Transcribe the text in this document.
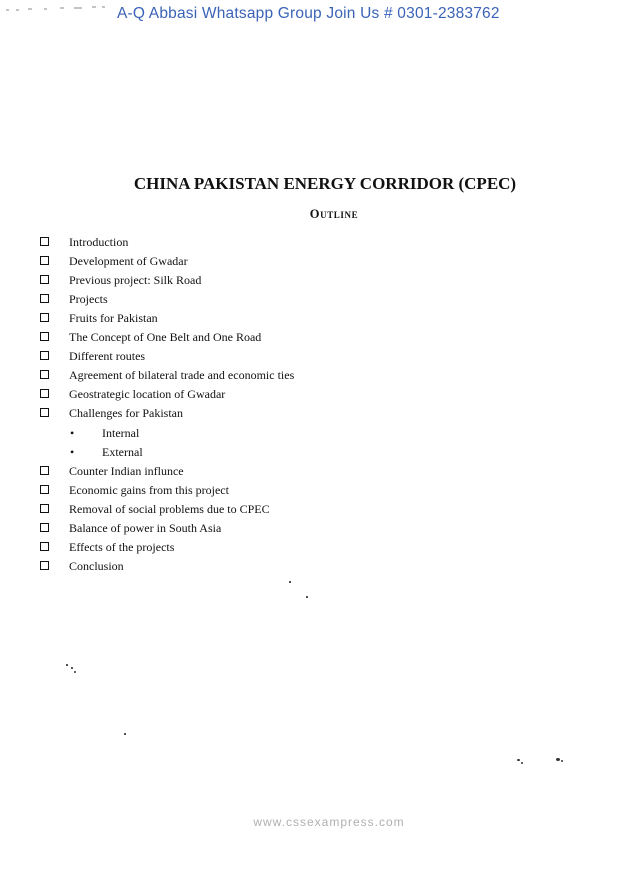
A-Q Abbasi Whatsapp Group Join Us # 0301-2383762
CHINA PAKISTAN ENERGY CORRIDOR (CPEC)
Outline
Introduction
Development of Gwadar
Previous project: Silk Road
Projects
Fruits for Pakistan
The Concept of One Belt and One Road
Different routes
Agreement of bilateral trade and economic ties
Geostrategic location of Gwadar
Challenges for Pakistan
• Internal
• External
Counter Indian influnce
Economic gains from this project
Removal of social problems due to CPEC
Balance of power in South Asia
Effects of the projects
Conclusion
www.cssexampress.com
